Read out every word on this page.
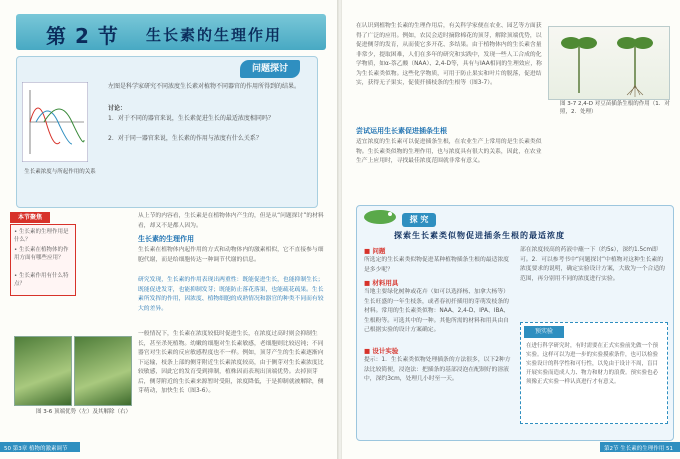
第 2 节 生长素的生理作用
问题探讨
左图是科学家研究不同浓度生长素对植物不同器官的作用所得到的结果。
讨论：
1．对于不同的器官来说，生长素促进生长的最适浓度相同吗？
2．对于同一器官来说，生长素的作用与浓度有什么关系？
生长素浓度与所起作用的关系
本节聚焦
• 生长素的生理作用是什么？
• 生长素在植物体的作用方面有哪些应用？
• 生长素作用有什么特点？
从上节的内容看，生长素是在植物体内产生的，但是从“问题探讨”的材料看，却又不是都人因为。
生长素的生理作用
生长素在植物体内起作用的方式和动物体内的激素相似，它不直接参与细胞代谢，而是给细胞传达一种调节代谢的信息。
研究发现，生长素的作用表现出两重性：既能促进生长，也能抑制生长；既能促进发芽，也能抑制发芽；既能防止落花落果，也能疏花疏果。生长素所发挥的作用，因浓度、植物细胞的成熟情况和器官的种类不同而有较大的差异。
一般情况下，生长素在浓度较低时促进生长，在浓度过高时则会抑制生长，甚至杀死植物。幼嫩的细胞对生长素敏感，老细胞则比较迟钝；不同器官对生长素的反应敏感程度也不一样。例如，顶芽产生的生长素逐渐向下运输，枝条上部的侧芽附近生长素浓度较高，由于侧芽对生长素浓度比较敏感，因此它的发育受到抑制，植株因而表现出顶端优势。去掉顶芽后，侧芽附近的生长素来源暂时受阻，浓度降低，于是抑制就被解除，侧芽萌动，加快生长（图3-6）。
图 3-6 顶端优势（左）及其解除（右）
50 第3章 植物的激素调节
在认识到植物生长素的生理作用后，有关科学家便在农业、园艺等方面获得了广泛的应用。例如，农民会适时摘除棉花的顶芽，解除顶端优势，以促进侧芽的发育，从而使它多开花、多结果。由于植物体内的生长素含量非常少，提取困难，人们在多年的研究和实践中，发现一些人工合成的化学物质，如α-萘乙酸（NAA）、2,4-D等，具有与IAA相同的生理效应，称为生长素类似物。这些化学物质，可用于防止果实和叶片的脱落，促进结实，获得无子果实，促使扦插枝条的生根等（图3-7）。
尝试运用生长素促进插条生根
适宜浓度的生长素可以促进插条生根，在农业生产上常用的是生长素类似物。生长素类似物的生理作用，也与浓度具有很大的关系，因此，在农业生产上应用时，寻找最佳浓度范围就非常有意义。
图 3-7 2,4-D 对豆苗插条生根的作用（1．对照，2．处理）
探 究
探索生长素类似物促进插条生根的最适浓度
■ 问题
所选定的生长素类似物促进某种植物插条生根的最适浓度是多少呢？
■ 材料用具
当地主要绿化树种或花卉（如可以选择杨、加拿大杨等）生长旺盛的一年生枝条，或者春初扦插用的芽萌发枝条的材料。常用的生长素类似物：NAA、2,4-D、IPA、IBA、生根粉等。可选其中的一种。其他所需的材料和用具由自己根据实验的设计方案确定。
■ 设计实验
提示：1．生长素类似物处理插条的方法很多，以下2种方法比较简便，浸泡法：把插条的基部浸泡在配制好的溶液中，深约3cm，处理几小时至一天。
部在浓度较高的药液中蘸一下（约5s），深约1.5cm即可。2．可以参考书中“问题探讨”中植物对这种生长素的浓度要求的说明，确定实验设计方案，大致为一个合适的范围，再分别用不同的浓度进行实验。
预实验
在进行科学研究时，有时需要在正式实验前先做一个预实验。这样可以为进一步的实验摸索条件，也可以检验实验设计的科学性和可行性，以免由于设计不周，盲目开展实验而造成人力、物力和财力的浪费。预实验也必须像正式实验一样认真进行才有意义。
第2节 生长素的生理作用 51
